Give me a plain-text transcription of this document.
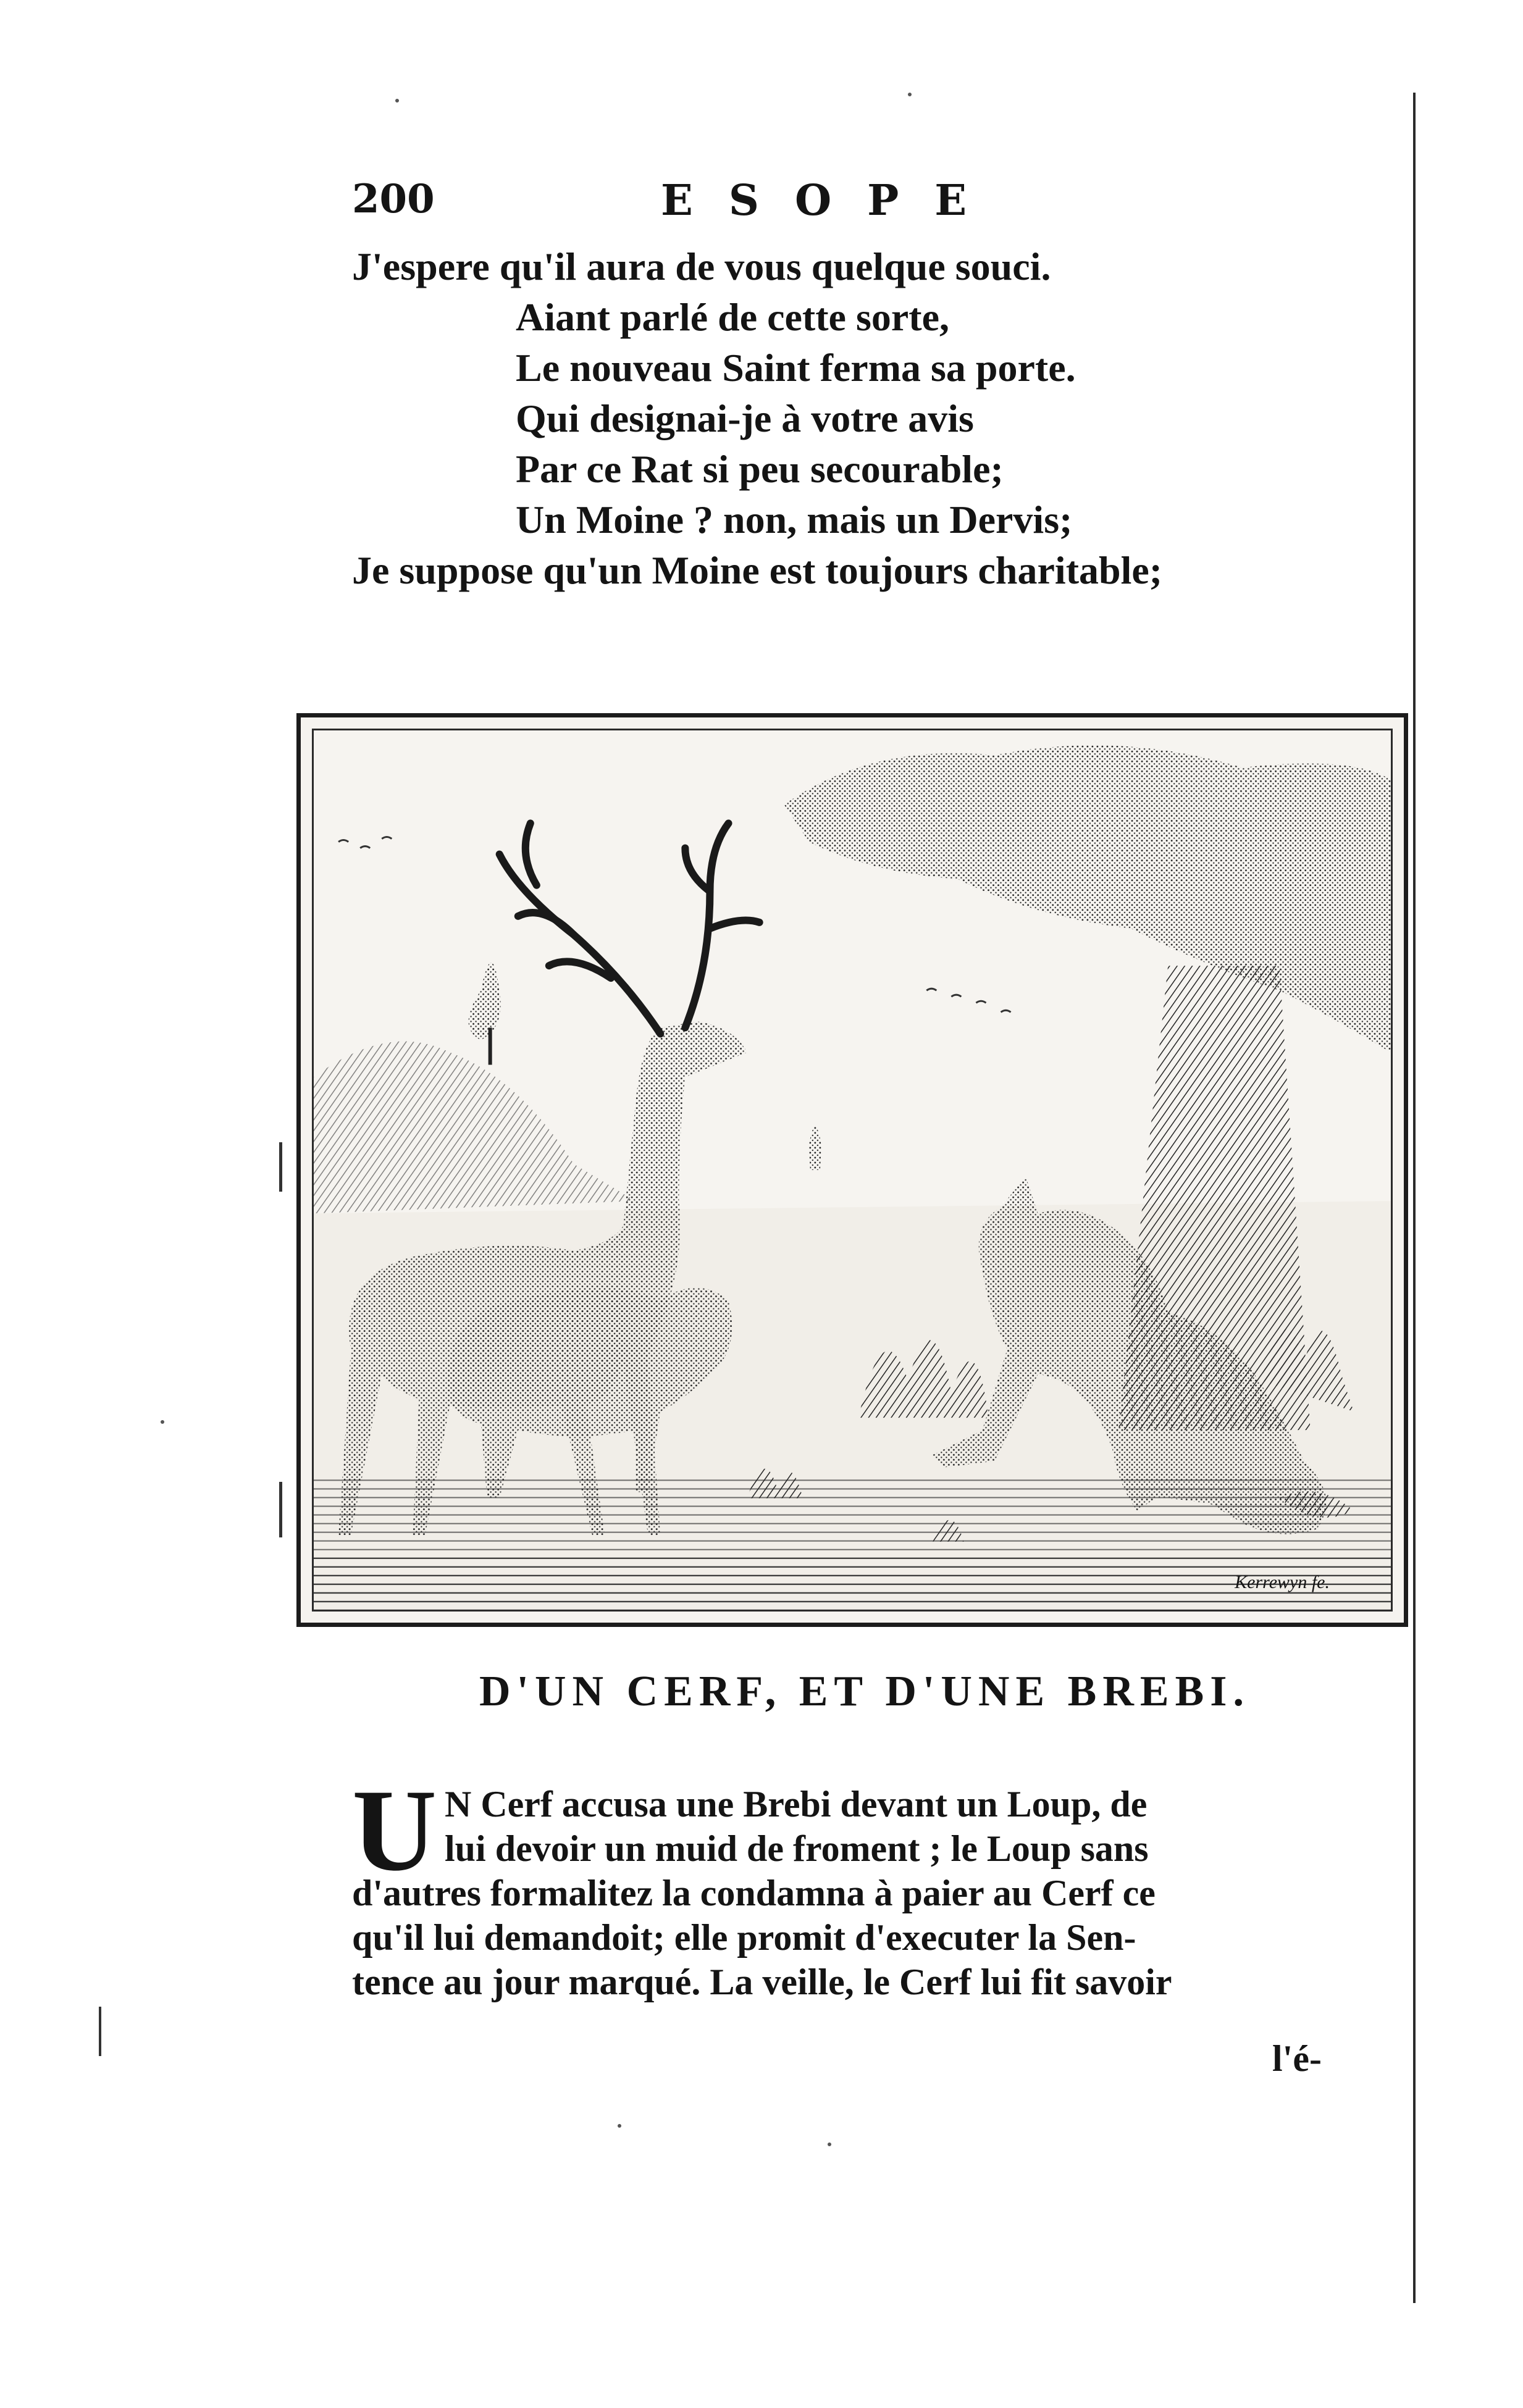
200	ESOPE
J'espere qu'il aura de vous quelque souci.
Aiant parlé de cette sorte,
Le nouveau Saint ferma sa porte.
Qui designai-je à votre avis
Par ce Rat si peu secourable;
Un Moine ? non, mais un Dervis;
Je suppose qu'un Moine est toujours charitable;
Kerrewyn fe.
D'UN CERF, ET D'UNE BREBI.
U N Cerf accusa une Brebi devant un Loup, de
lui devoir un muid de froment ; le Loup sans
d'autres formalitez la condamna à paier au Cerf ce
qu'il lui demandoit; elle promit d'executer la Sen-
tence au jour marqué. La veille, le Cerf lui fit savoir
l'é-
